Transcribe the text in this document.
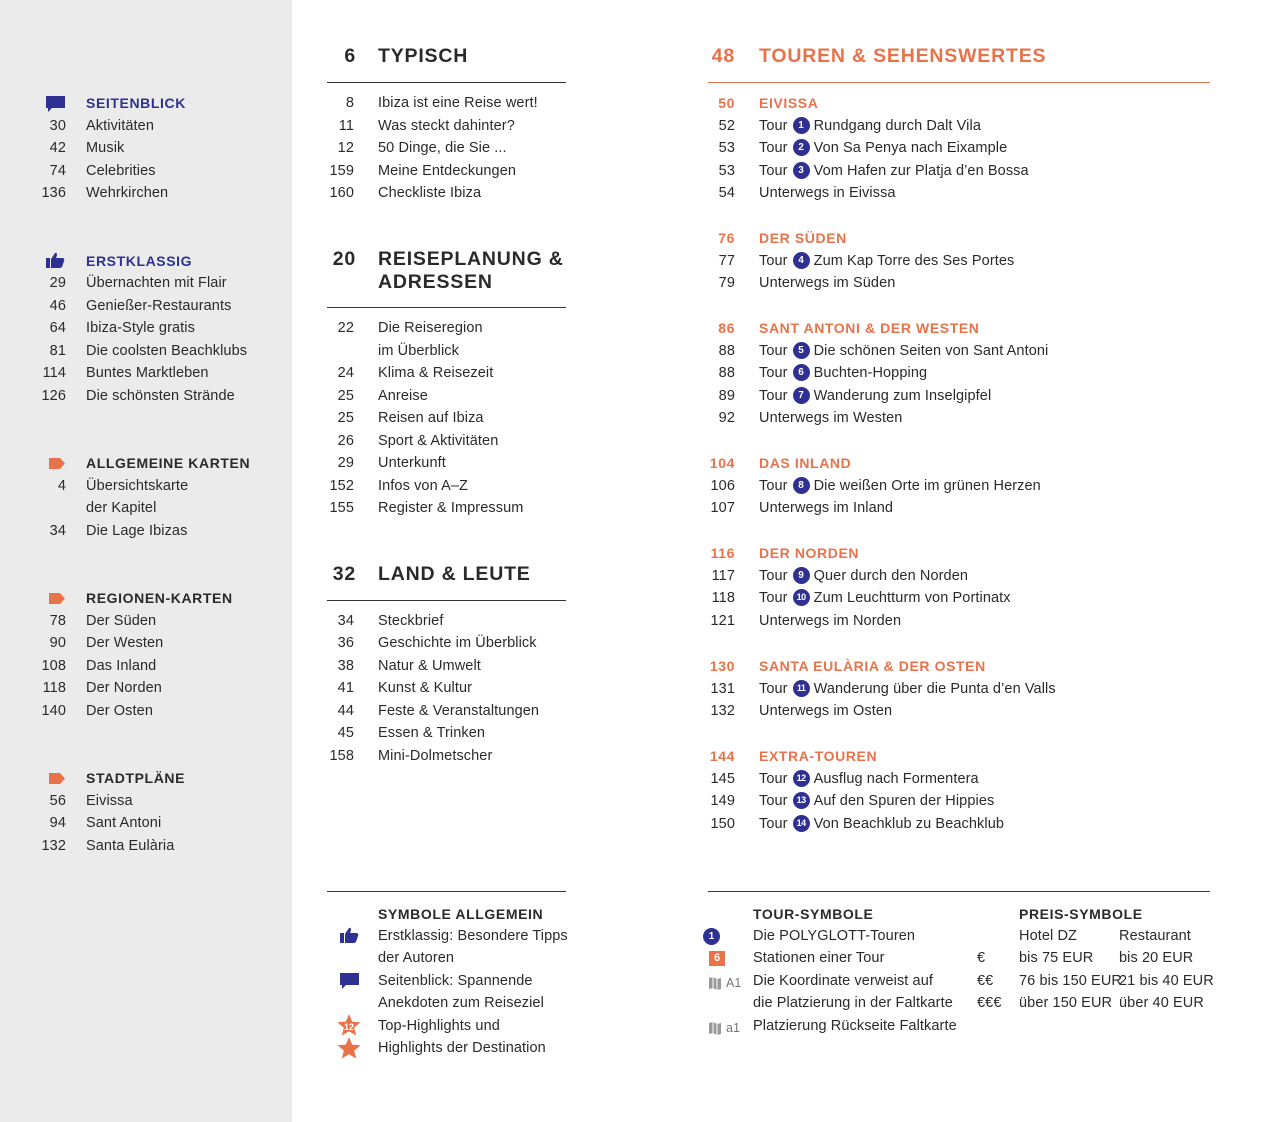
SEITENBLICK
30 Aktivitäten
42 Musik
74 Celebrities
136 Wehrkirchen
ERSTKLASSIG
29 Übernachten mit Flair
46 Genießer-Restaurants
64 Ibiza-Style gratis
81 Die coolsten Beachklubs
114 Buntes Marktleben
126 Die schönsten Strände
ALLGEMEINE KARTEN
4 Übersichtskarte
der Kapitel
34 Die Lage Ibizas
REGIONEN-KARTEN
78 Der Süden
90 Der Westen
108 Das Inland
118 Der Norden
140 Der Osten
STADTPLÄNE
56 Eivissa
94 Sant Antoni
132 Santa Eulària
6 TYPISCH
8 Ibiza ist eine Reise wert!
11 Was steckt dahinter?
12 50 Dinge, die Sie ...
159 Meine Entdeckungen
160 Checkliste Ibiza
20 REISEPLANUNG &
ADRESSEN
22 Die Reiseregion
im Überblick
24 Klima & Reisezeit
25 Anreise
25 Reisen auf Ibiza
26 Sport & Aktivitäten
29 Unterkunft
152 Infos von A–Z
155 Register & Impressum
32 LAND & LEUTE
34 Steckbrief
36 Geschichte im Überblick
38 Natur & Umwelt
41 Kunst & Kultur
44 Feste & Veranstaltungen
45 Essen & Trinken
158 Mini-Dolmetscher
48 TOUREN & SEHENSWERTES
50 EIVISSA
52 Tour 1 Rundgang durch Dalt Vila
53 Tour 2 Von Sa Penya nach Eixample
53 Tour 3 Vom Hafen zur Platja d’en Bossa
54 Unterwegs in Eivissa
76 DER SÜDEN
77 Tour 4 Zum Kap Torre des Ses Portes
79 Unterwegs im Süden
86 SANT ANTONI & DER WESTEN
88 Tour 5 Die schönen Seiten von Sant Antoni
88 Tour 6 Buchten-Hopping
89 Tour 7 Wanderung zum Inselgipfel
92 Unterwegs im Westen
104 DAS INLAND
106 Tour 8 Die weißen Orte im grünen Herzen
107 Unterwegs im Inland
116 DER NORDEN
117 Tour 9 Quer durch den Norden
118 Tour 10 Zum Leuchtturm von Portinatx
121 Unterwegs im Norden
130 SANTA EULÀRIA & DER OSTEN
131 Tour 11 Wanderung über die Punta d’en Valls
132 Unterwegs im Osten
144 EXTRA-TOUREN
145 Tour 12 Ausflug nach Formentera
149 Tour 13 Auf den Spuren der Hippies
150 Tour 14 Von Beachklub zu Beachklub
SYMBOLE ALLGEMEIN
12
Erstklassig: Besondere Tipps
der Autoren
Seitenblick: Spannende
Anekdoten zum Reiseziel
Top-Highlights und
Highlights der Destination
TOUR-SYMBOLE
1
6
A1
a1
Die POLYGLOTT-Touren
Stationen einer Tour
Die Koordinate verweist auf
die Platzierung in der Faltkarte
Platzierung Rückseite Faltkarte
PREIS-SYMBOLE
Hotel DZ	Restaurant
€ bis 75 EUR bis 20 EUR
€€ 76 bis 150 EUR
21 bis 40 EUR
€€€ über 150 EUR über 40 EUR
